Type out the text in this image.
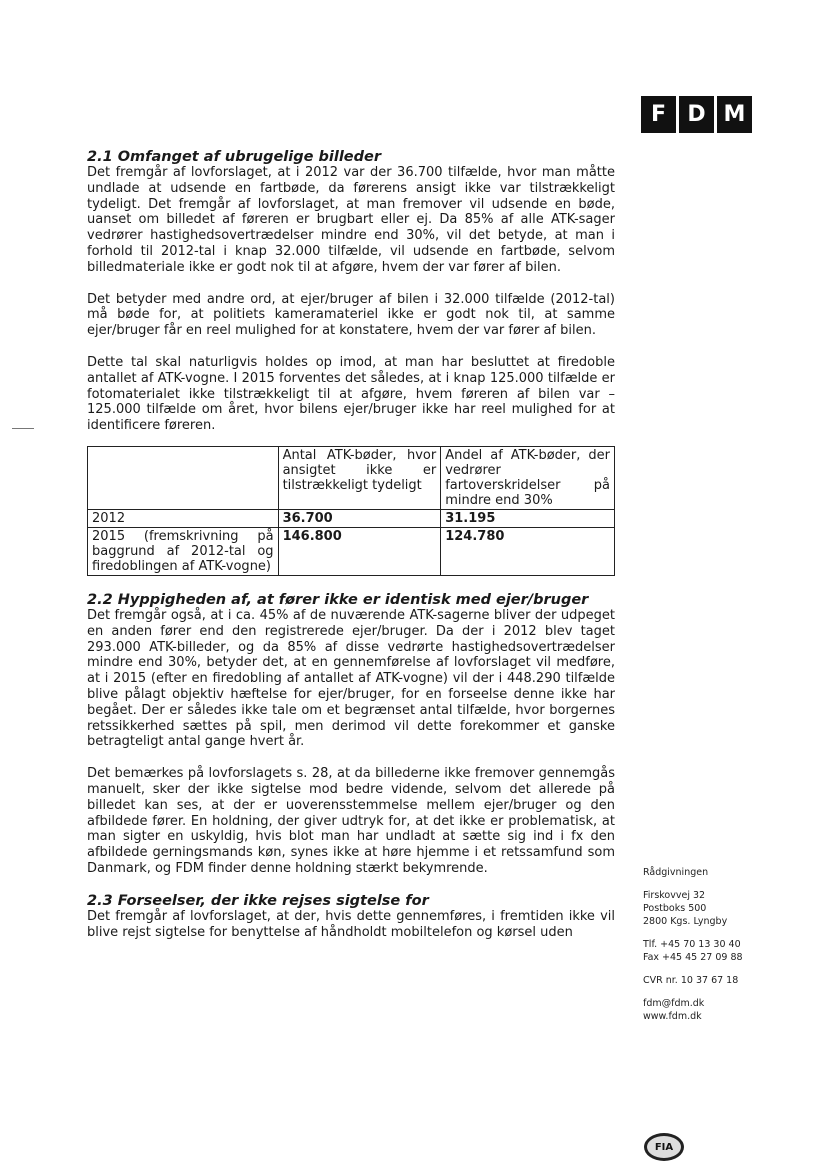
F D M
2.1 Omfanget af ubrugelige billeder

Det fremgår af lovforslaget, at i 2012 var der 36.700 tilfælde, hvor man måtte undlade at udsende en fartbøde, da førerens ansigt ikke var tilstrækkeligt tydeligt. Det fremgår af lovforslaget, at man fremover vil udsende en bøde, uanset om billedet af føreren er brugbart eller ej. Da 85% af alle ATK-sager vedrører hastighedsovertrædelser mindre end 30%, vil det betyde, at man i forhold til 2012-tal i knap 32.000 tilfælde, vil udsende en fartbøde, selvom billedmateriale ikke er godt nok til at afgøre, hvem der var fører af bilen.

Det betyder med andre ord, at ejer/bruger af bilen i 32.000 tilfælde (2012-tal) må bøde for, at politiets kameramateriel ikke er godt nok til, at samme ejer/bruger får en reel mulighed for at konstatere, hvem der var fører af bilen.

Dette tal skal naturligvis holdes op imod, at man har besluttet at firedoble antallet af ATK-vogne. I 2015 forventes det således, at i knap 125.000 tilfælde er fotomaterialet ikke tilstrækkeligt til at afgøre, hvem føreren af bilen var – 125.000 tilfælde om året, hvor bilens ejer/bruger ikke har reel mulighed for at identificere føreren.

	Antal ATK-bøder, hvor ansigtet ikke er tilstrækkeligt tydeligt	Andel af ATK-bøder, der vedrører fartoverskridelser på mindre end 30%
2012	36.700	31.195
2015 (fremskrivning på baggrund af 2012-tal og firedoblingen af ATK-vogne)	146.800	124.780
2.2 Hyppigheden af, at fører ikke er identisk med ejer/bruger

Det fremgår også, at i ca. 45% af de nuværende ATK-sagerne bliver der udpeget en anden fører end den registrerede ejer/bruger. Da der i 2012 blev taget 293.000 ATK-billeder, og da 85% af disse vedrørte hastighedsovertrædelser mindre end 30%, betyder det, at en gennemførelse af lovforslaget vil medføre, at i 2015 (efter en firedobling af antallet af ATK-vogne) vil der i 448.290 tilfælde blive pålagt objektiv hæftelse for ejer/bruger, for en forseelse denne ikke har begået. Der er således ikke tale om et begrænset antal tilfælde, hvor borgernes retssikkerhed sættes på spil, men derimod vil dette forekommer et ganske betragteligt antal gange hvert år.

Det bemærkes på lovforslagets s. 28, at da billederne ikke fremover gennemgås manuelt, sker der ikke sigtelse mod bedre vidende, selvom det allerede på billedet kan ses, at der er uoverensstemmelse mellem ejer/bruger og den afbildede fører. En holdning, der giver udtryk for, at det ikke er problematisk, at man sigter en uskyldig, hvis blot man har undladt at sætte sig ind i fx den afbildede gerningsmands køn, synes ikke at høre hjemme i et retssamfund som Danmark, og FDM finder denne holdning stærkt bekymrende.

2.3 Forseelser, der ikke rejses sigtelse for

Det fremgår af lovforslaget, at der, hvis dette gennemføres, i fremtiden ikke vil blive rejst sigtelse for benyttelse af håndholdt mobiltelefon og kørsel uden

Rådgivningen
Firskovvej 32
Postboks 500
2800 Kgs. Lyngby
Tlf. +45 70 13 30 40
Fax +45 45 27 09 88
CVR nr. 10 37 67 18
fdm@fdm.dk
www.fdm.dk
FIA
